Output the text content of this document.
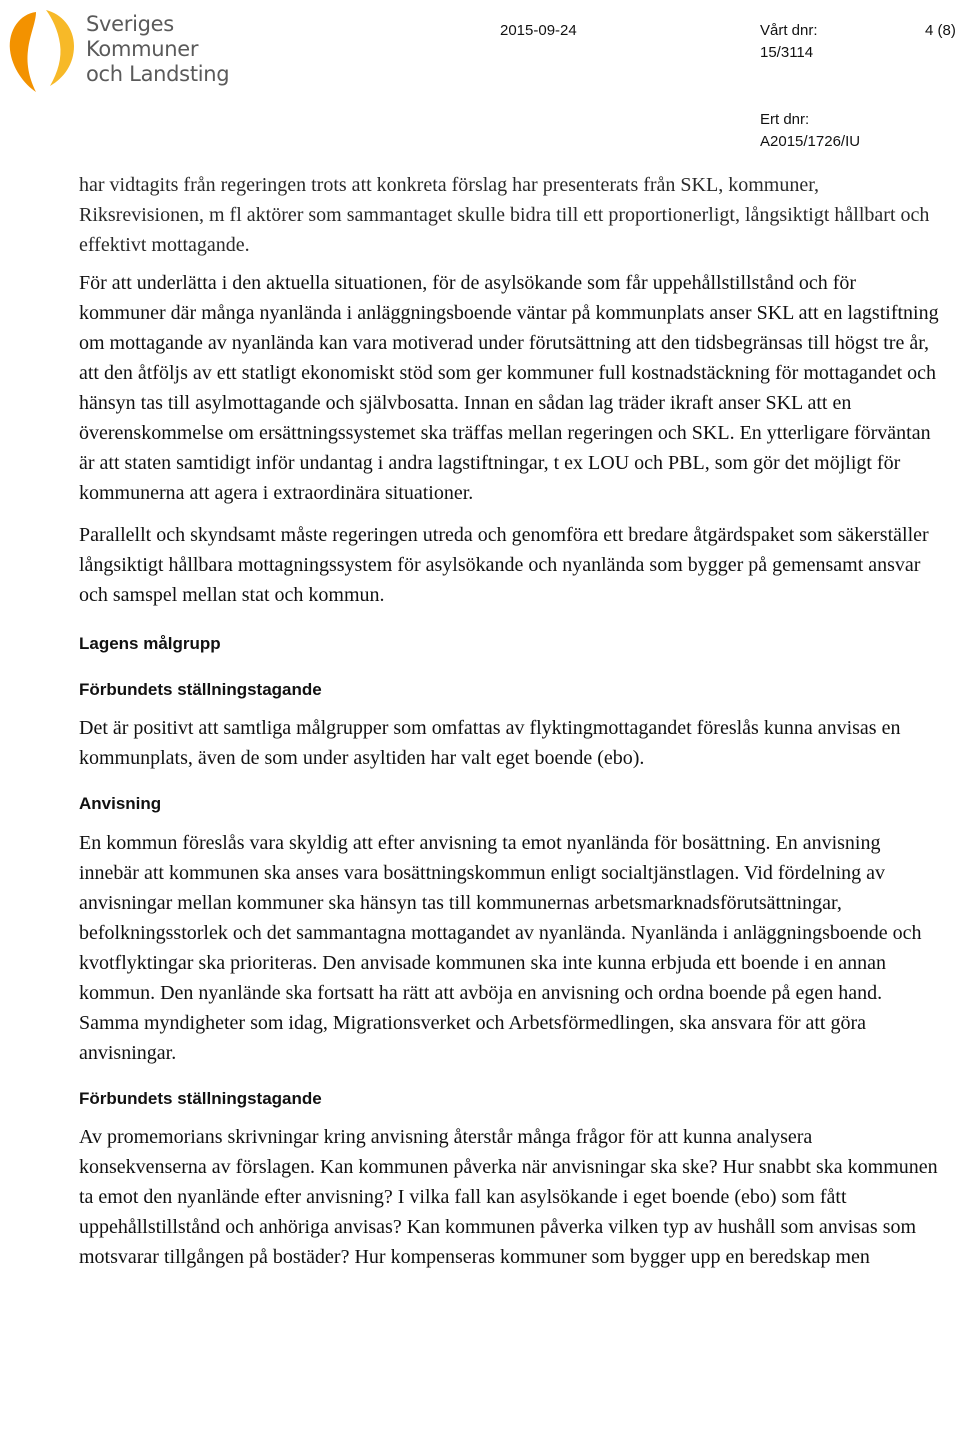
Sveriges
Kommuner
och Landsting
2015-09-24	Vårt dnr:
15/3114
4 (8)
Ert dnr:
A2015/1726/IU

har vidtagits från regeringen trots att konkreta förslag har presenterats från SKL, kommuner, Riksrevisionen, m fl aktörer som sammantaget skulle bidra till ett proportionerligt, långsiktigt hållbart och effektivt mottagande.

För att underlätta i den aktuella situationen, för de asylsökande som får uppehållstillstånd och för kommuner där många nyanlända i anläggningsboende väntar på kommunplats anser SKL att en lagstiftning om mottagande av nyanlända kan vara motiverad under förutsättning att den tidsbegränsas till högst tre år, att den åtföljs av ett statligt ekonomiskt stöd som ger kommuner full kostnadstäckning för mottagandet och hänsyn tas till asylmottagande och självbosatta. Innan en sådan lag träder ikraft anser SKL att en överenskommelse om ersättningssystemet ska träffas mellan regeringen och SKL. En ytterligare förväntan är att staten samtidigt inför undantag i andra lagstiftningar, t ex LOU och PBL, som gör det möjligt för kommunerna att agera i extraordinära situationer.

Parallellt och skyndsamt måste regeringen utreda och genomföra ett bredare åtgärdspaket som säkerställer långsiktigt hållbara mottagningssystem för asylsökande och nyanlända som bygger på gemensamt ansvar och samspel mellan stat och kommun.

Lagens målgrupp
Förbundets ställningstagande

Det är positivt att samtliga målgrupper som omfattas av flyktingmottagandet föreslås kunna anvisas en kommunplats, även de som under asyltiden har valt eget boende (ebo).

Anvisning

En kommun föreslås vara skyldig att efter anvisning ta emot nyanlända för bosättning. En anvisning innebär att kommunen ska anses vara bosättningskommun enligt socialtjänstlagen. Vid fördelning av anvisningar mellan kommuner ska hänsyn tas till kommunernas arbetsmarknadsförutsättningar, befolkningsstorlek och det sammantagna mottagandet av nyanlända. Nyanlända i anläggningsboende och kvotflyktingar ska prioriteras. Den anvisade kommunen ska inte kunna erbjuda ett boende i en annan kommun. Den nyanlände ska fortsatt ha rätt att avböja en anvisning och ordna boende på egen hand. Samma myndigheter som idag, Migrationsverket och Arbetsförmedlingen, ska ansvara för att göra anvisningar.

Förbundets ställningstagande

Av promemorians skrivningar kring anvisning återstår många frågor för att kunna analysera konsekvenserna av förslagen. Kan kommunen påverka när anvisningar ska ske? Hur snabbt ska kommunen ta emot den nyanlände efter anvisning? I vilka fall kan asylsökande i eget boende (ebo) som fått uppehållstillstånd och anhöriga anvisas? Kan kommunen påverka vilken typ av hushåll som anvisas som motsvarar tillgången på bostäder? Hur kompenseras kommuner som bygger upp en beredskap men
